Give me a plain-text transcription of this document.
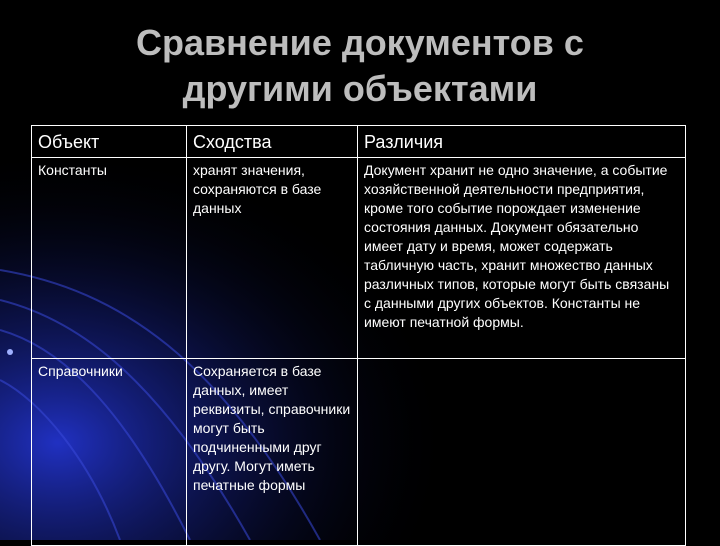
Сравнение документов с
другими объектами
Объект	Сходства	Различия
Константы	хранят значения, сохраняются в базе данных	Документ хранит не одно значение, а событие хозяйственной деятельности предприятия, кроме того событие порождает изменение состояния данных. Документ обязательно имеет дату и время, может содержать табличную часть, хранит множество данных различных типов, которые могут быть связаны с данными других объектов. Константы не имеют печатной формы.
Справочники	Сохраняется в базе данных, имеет реквизиты, справочники могут быть подчиненными друг другу. Могут иметь печатные формы	
